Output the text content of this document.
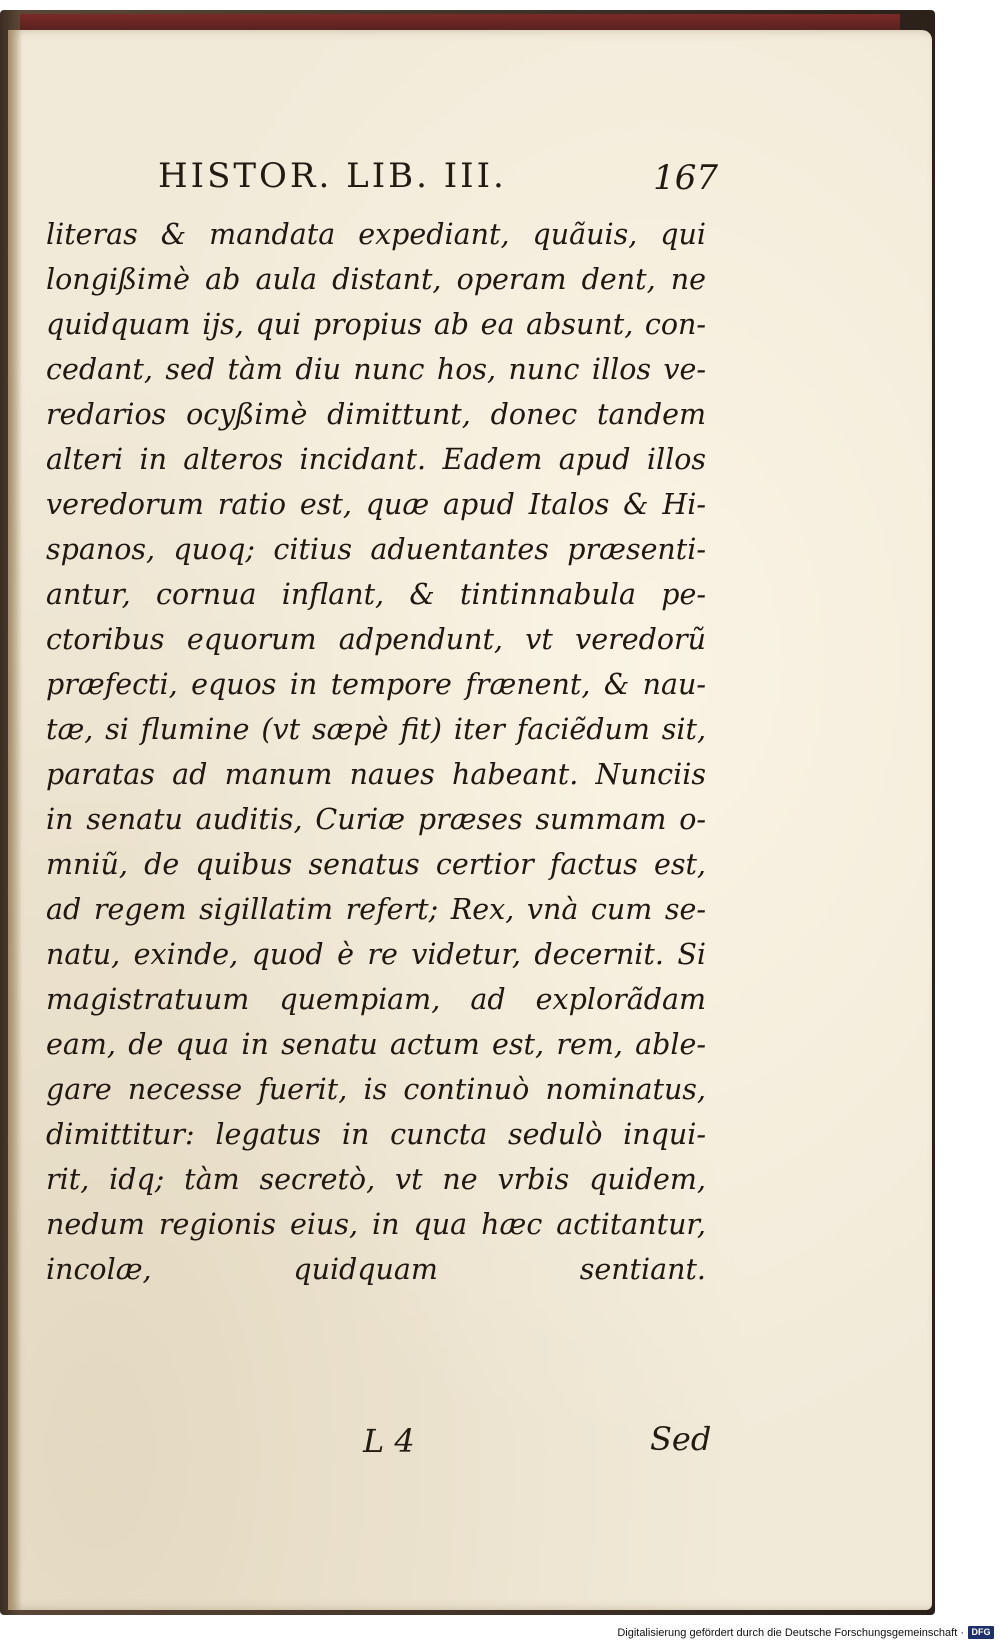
HISTOR. LIB. III.	167
literas & mandata expediant, quãuis, qui
longißimè ab aula distant, operam dent, ne
quidquam ijs, qui propius ab ea absunt, con-
cedant, sed tàm diu nunc hos, nunc illos ve-
redarios ocyßimè dimittunt, donec tandem
alteri in alteros incidant. Eadem apud illos
veredorum ratio est, quæ apud Italos & Hi-
spanos, quoq; citius aduentantes præsenti-
antur, cornua inflant, & tintinnabula pe-
ctoribus equorum adpendunt, vt veredorũ
præfecti, equos in tempore frænent, & nau-
tæ, si flumine (vt sæpè fit) iter faciẽdum sit,
paratas ad manum naues habeant. Nunciis
in senatu auditis, Curiæ præses summam o-
mniũ, de quibus senatus certior factus est,
ad regem sigillatim refert; Rex, vnà cum se-
natu, exinde, quod è re videtur, decernit. Si
magistratuum quempiam, ad explorãdam
eam, de qua in senatu actum est, rem, able-
gare necesse fuerit, is continuò nominatus,
dimittitur: legatus in cuncta sedulò inqui-
rit, idq; tàm secretò, vt ne vrbis quidem,
nedum regionis eius, in qua hæc actitantur,
incolæ, quidquam sentiant.
L 4	Sed
Digitalisierung gefördert durch die Deutsche Forschungsgemeinschaft · DFG
